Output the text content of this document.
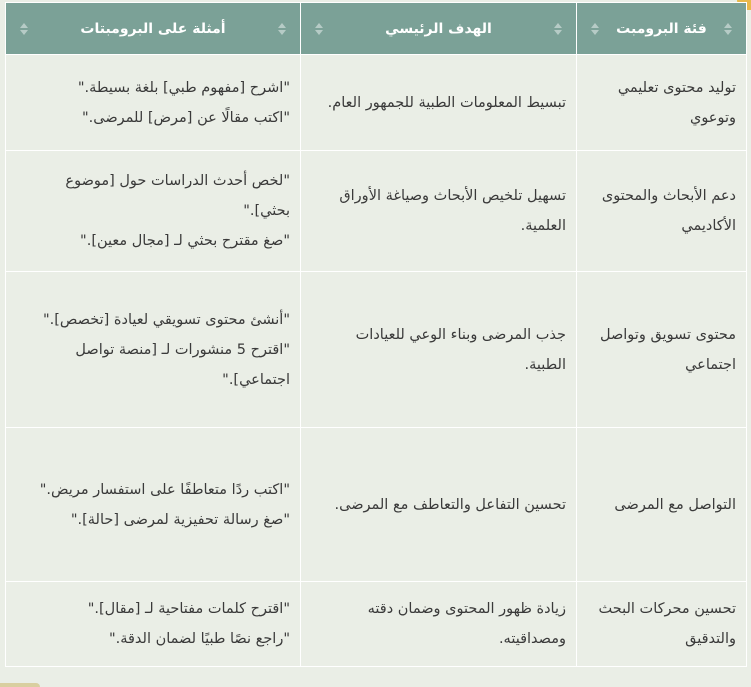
فئة البرومبت	الهدف الرئيسي	أمثلة على البرومبتات

توليد محتوى تعليمي وتوعوي	تبسيط المعلومات الطبية للجمهور العام.	"اشرح [مفهوم طبي] بلغة بسيطة."
"اكتب مقالًا عن [مرض] للمرضى."

دعم الأبحاث والمحتوى الأكاديمي	تسهيل تلخيص الأبحاث وصياغة الأوراق العلمية.	"لخص أحدث الدراسات حول [موضوع بحثي]."
"صغ مقترح بحثي لـ [مجال معين]."

محتوى تسويق وتواصل اجتماعي	جذب المرضى وبناء الوعي للعيادات الطبية.	"أنشئ محتوى تسويقي لعيادة [تخصص]."
"اقترح 5 منشورات لـ [منصة تواصل اجتماعي]."

التواصل مع المرضى	تحسين التفاعل والتعاطف مع المرضى.	"اكتب ردًا متعاطفًا على استفسار مريض."
"صغ رسالة تحفيزية لمرضى [حالة]."

تحسين محركات البحث والتدقيق	زيادة ظهور المحتوى وضمان دقته ومصداقيته.	"اقترح كلمات مفتاحية لـ [مقال]."
"راجع نصًا طبيًا لضمان الدقة."
